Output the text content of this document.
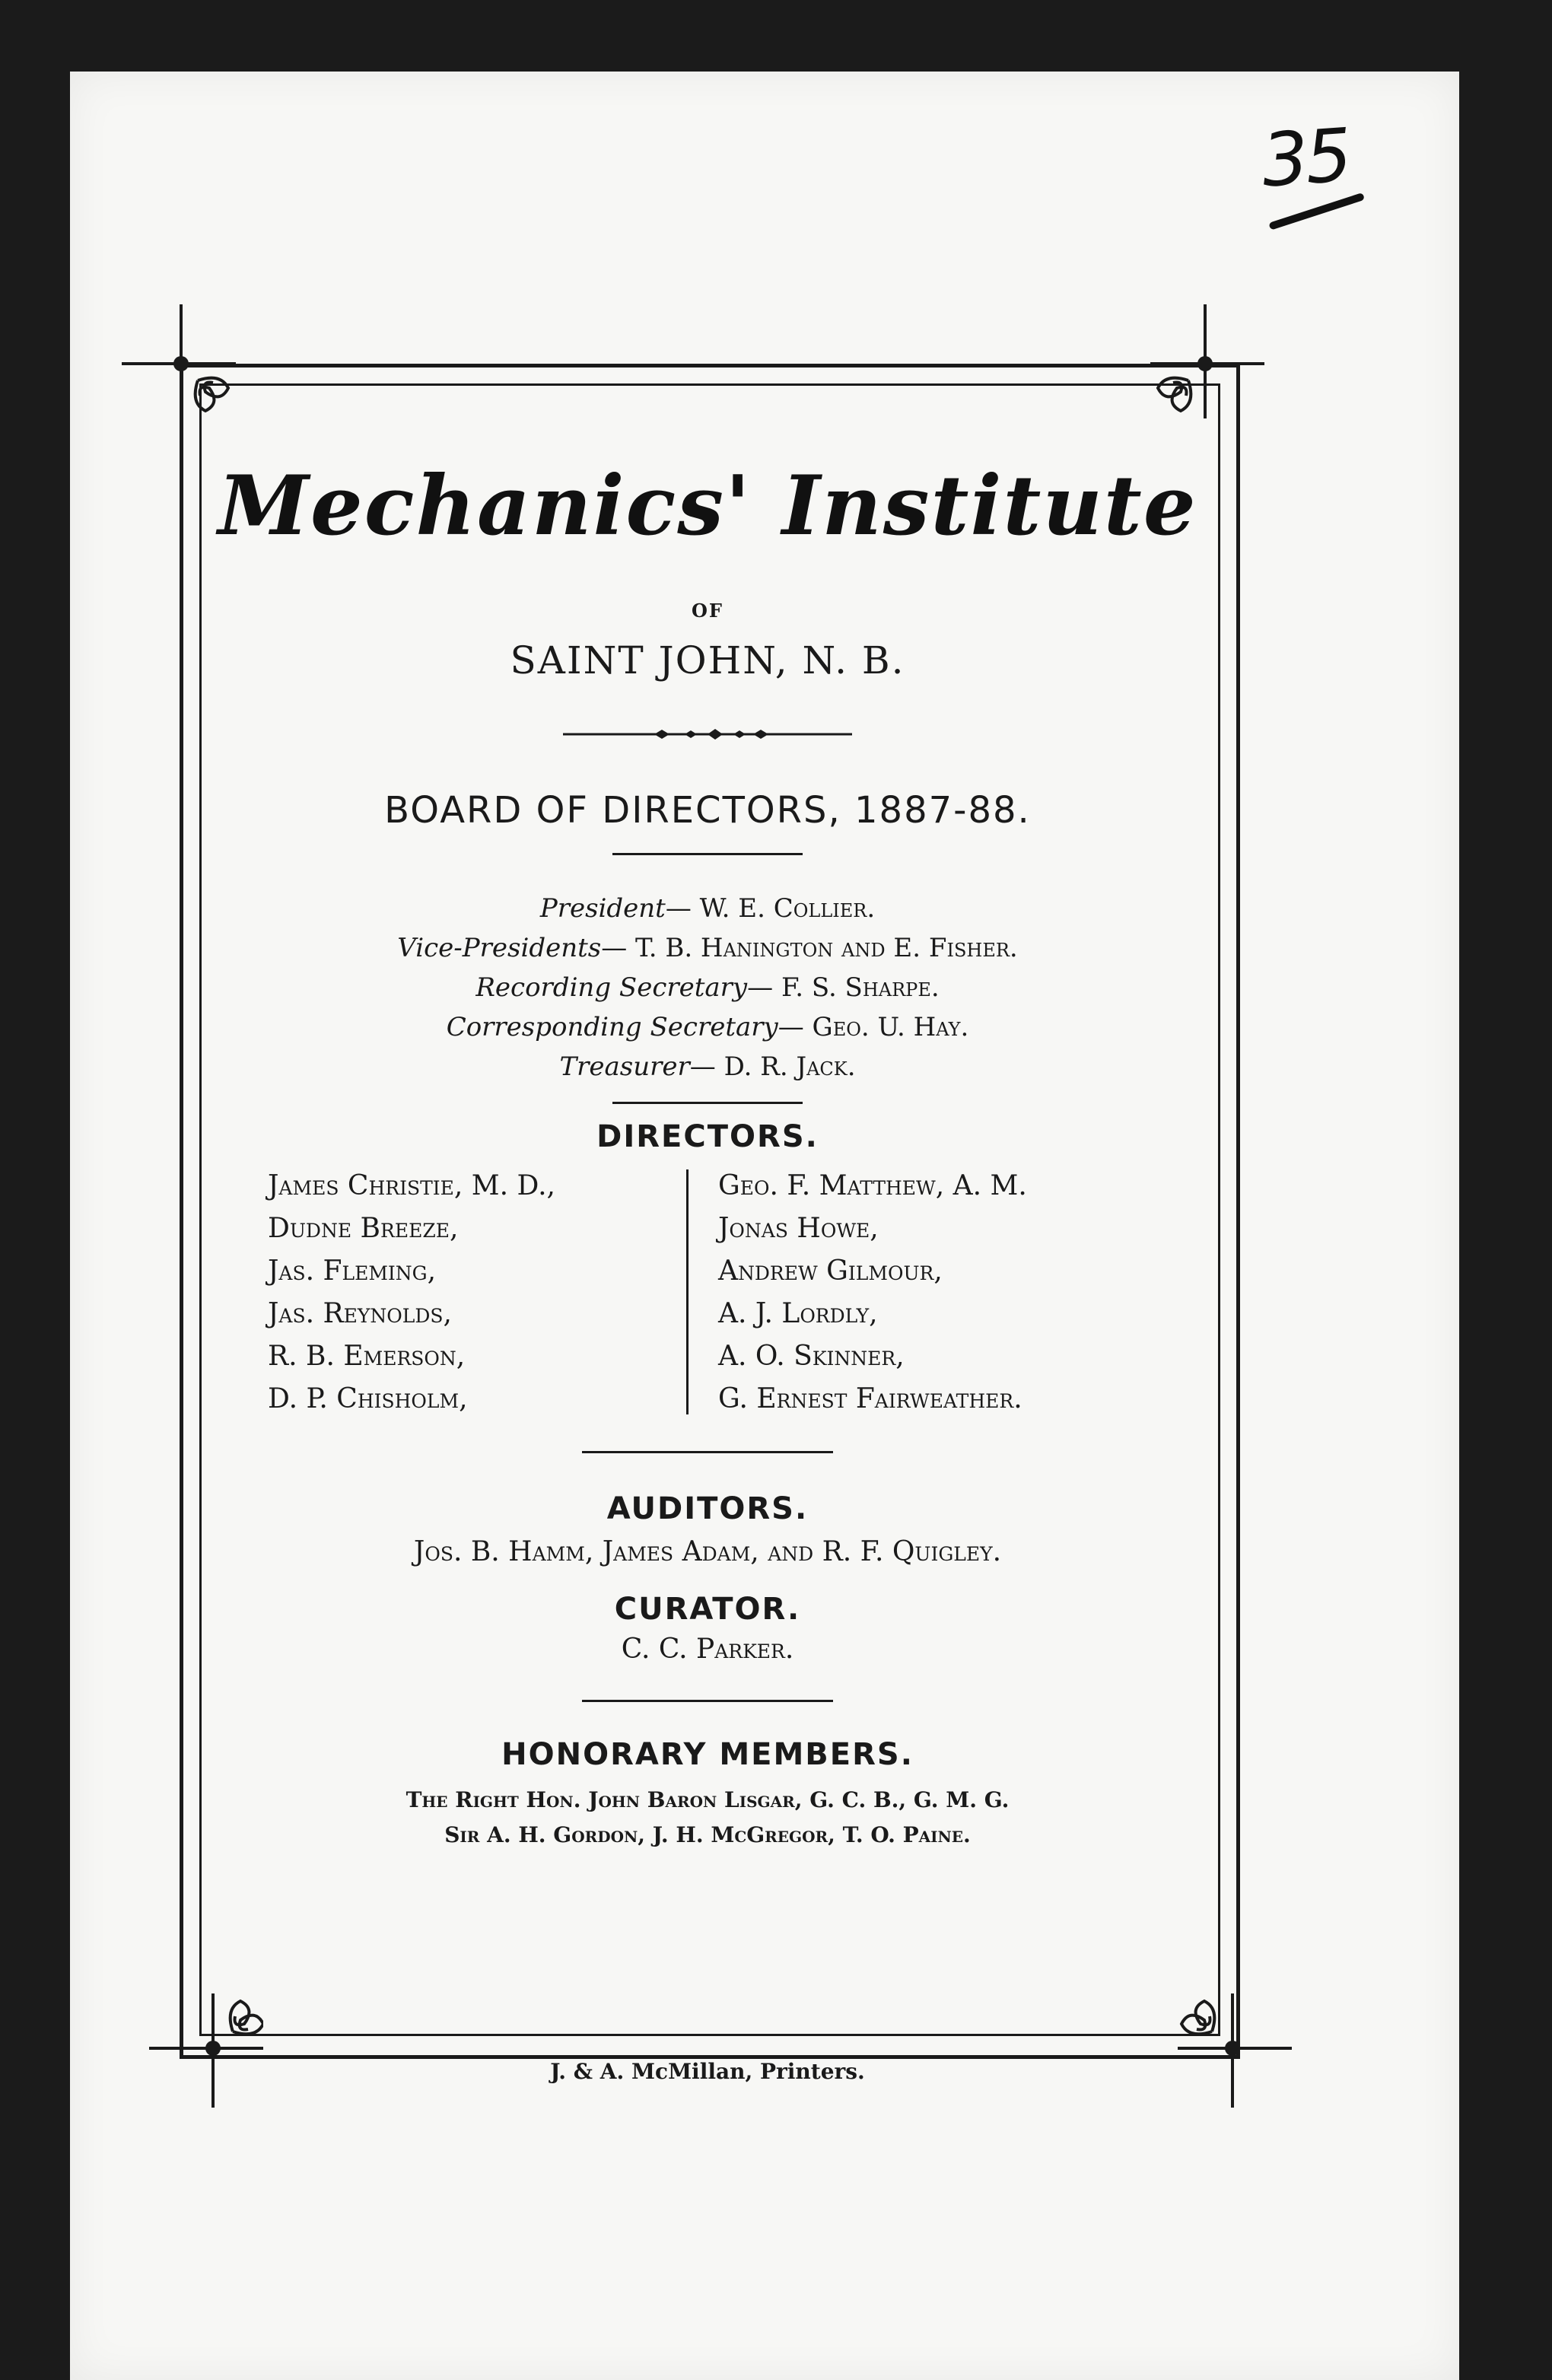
35
Mechanics' Institute
OF
SAINT JOHN, N. B.
BOARD OF DIRECTORS, 1887-88.
President— W. E. Collier.
Vice-Presidents— T. B. Hanington and E. Fisher.
Recording Secretary— F. S. Sharpe.
Corresponding Secretary— Geo. U. Hay.
Treasurer— D. R. Jack.
DIRECTORS.
James Christie, M. D.,
Dudne Breeze,
Jas. Fleming,
Jas. Reynolds,
R. B. Emerson,
D. P. Chisholm,
Geo. F. Matthew, A. M.
Jonas Howe,
Andrew Gilmour,
A. J. Lordly,
A. O. Skinner,
G. Ernest Fairweather.
AUDITORS.
Jos. B. Hamm, James Adam, and R. F. Quigley.
CURATOR.
C. C. Parker.
HONORARY MEMBERS.
The Right Hon. John Baron Lisgar, G. C. B., G. M. G.
Sir A. H. Gordon, J. H. McGregor, T. O. Paine.
J. & A. McMillan, Printers.
